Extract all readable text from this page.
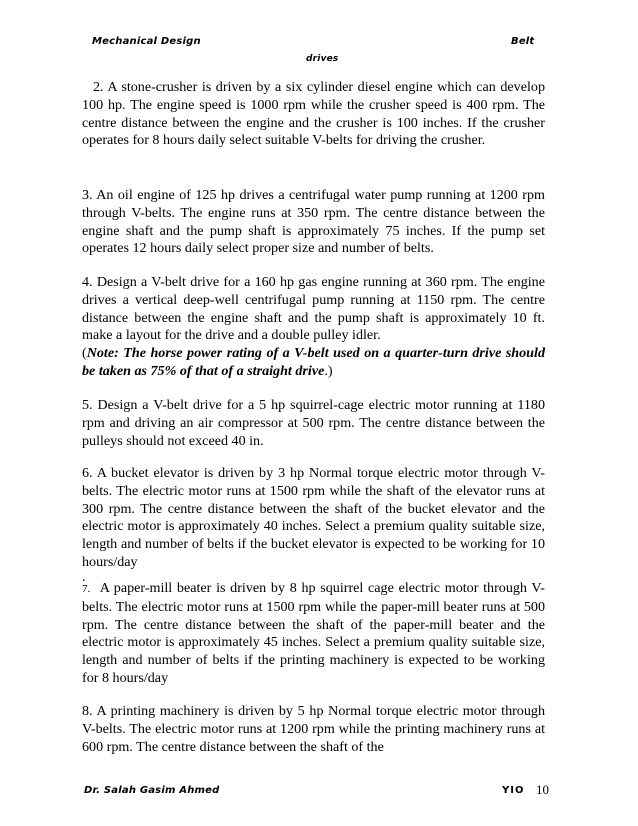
Mechanical Design	Belt
drives

2. A stone-crusher is driven by a six cylinder diesel engine which can develop 100 hp. The engine speed is 1000 rpm while the crusher speed is 400 rpm. The centre distance between the engine and the crusher is 100 inches. If the crusher operates for 8 hours daily select suitable V-belts for driving the crusher.

3. An oil engine of 125 hp drives a centrifugal water pump running at 1200 rpm through V-belts. The engine runs at 350 rpm. The centre distance between the engine shaft and the pump shaft is approximately 75 inches. If the pump set operates 12 hours daily select proper size and number of belts.

4. Design a V-belt drive for a 160 hp gas engine running at 360 rpm. The engine drives a vertical deep-well centrifugal pump running at 1150 rpm. The centre distance between the engine shaft and the pump shaft is approximately 10 ft. make a layout for the drive and a double pulley idler.
(Note: The horse power rating of a V-belt used on a quarter-turn drive should be taken as 75% of that of a straight drive.)

5. Design a V-belt drive for a 5 hp squirrel-cage electric motor running at 1180 rpm and driving an air compressor at 500 rpm. The centre distance between the pulleys should not exceed 40 in.

6. A bucket elevator is driven by 3 hp Normal torque electric motor through V-belts. The electric motor runs at 1500 rpm while the shaft of the elevator runs at 300 rpm. The centre distance between the shaft of the bucket elevator and the electric motor is approximately 40 inches. Select a premium quality suitable size, length and number of belts if the bucket elevator is expected to be working for 10 hours/day

.
7. A paper-mill beater is driven by 8 hp squirrel cage electric motor through V-belts. The electric motor runs at 1500 rpm while the paper-mill beater runs at 500 rpm. The centre distance between the shaft of the paper-mill beater and the electric motor is approximately 45 inches. Select a premium quality suitable size, length and number of belts if the printing machinery is expected to be working for 8 hours/day

8. A printing machinery is driven by 5 hp Normal torque electric motor through V-belts. The electric motor runs at 1200 rpm while the printing machinery runs at 600 rpm. The centre distance between the shaft of the

Dr. Salah Gasim Ahmed	YIO 10
